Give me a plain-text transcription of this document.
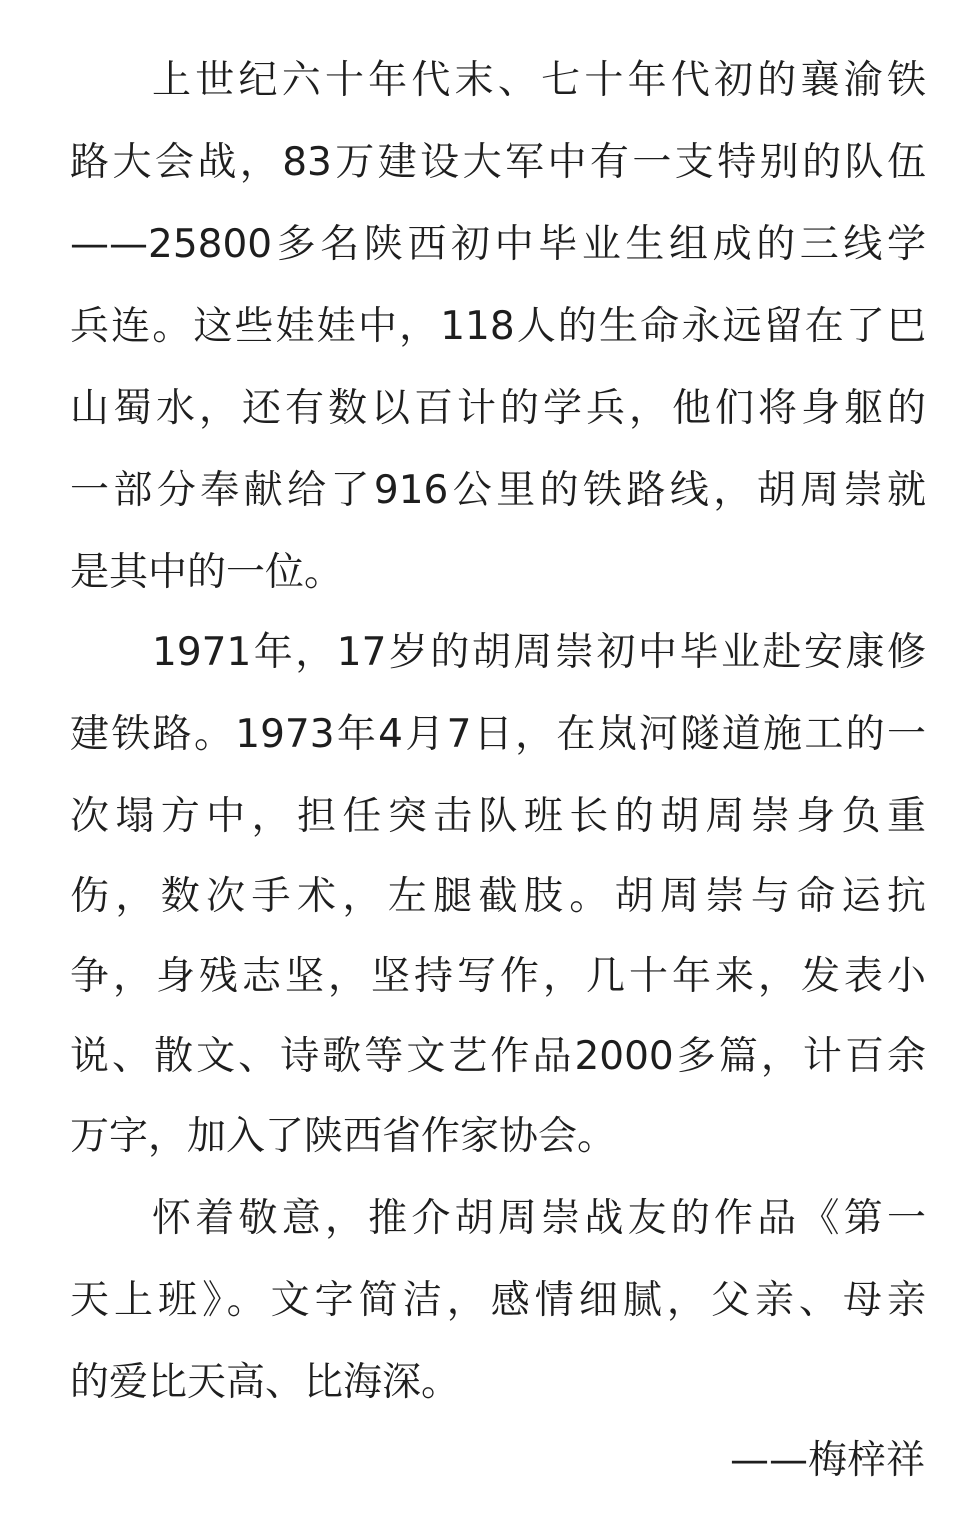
上世纪六十年代末、七十年代初的襄渝铁
路大会战，83万建设大军中有一支特别的队伍
——25800多名陕西初中毕业生组成的三线学
兵连。这些娃娃中，118人的生命永远留在了巴
山蜀水，还有数以百计的学兵，他们将身躯的
一部分奉献给了916公里的铁路线，胡周崇就
是其中的一位。
1971年，17岁的胡周崇初中毕业赴安康修
建铁路。1973年4月7日，在岚河隧道施工的一
次塌方中，担任突击队班长的胡周崇身负重
伤，数次手术，左腿截肢。胡周崇与命运抗
争，身残志坚，坚持写作，几十年来，发表小
说、散文、诗歌等文艺作品2000多篇，计百余
万字，加入了陕西省作家协会。
怀着敬意，推介胡周崇战友的作品《第一
天上班》。文字简洁，感情细腻，父亲、母亲
的爱比天高、比海深。
——梅梓祥
